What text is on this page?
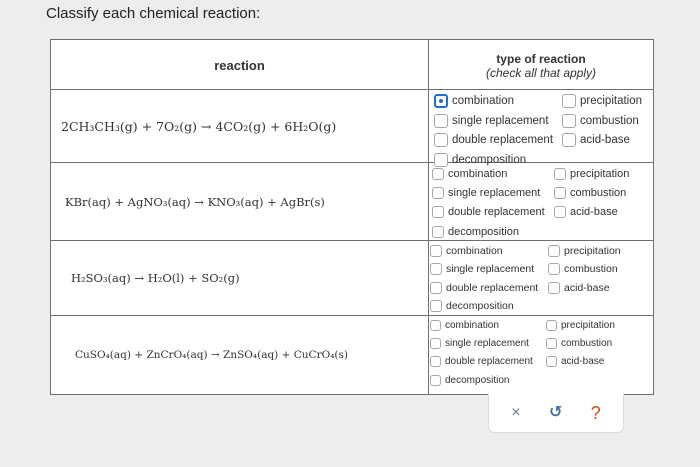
Classify each chemical reaction:
reaction	type of reaction
(check all that apply)
2CH₃CH₃(g) + 7O₂(g) → 4CO₂(g) + 6H₂O(g)
combination
single replacement
double replacement
decomposition
precipitation
combustion
acid-base
KBr(aq) + AgNO₃(aq) → KNO₃(aq) + AgBr(s)
combination
single replacement
double replacement
decomposition
precipitation
combustion
acid-base
H₂SO₃(aq) → H₂O(l) + SO₂(g)
combination
single replacement
double replacement
decomposition
precipitation
combustion
acid-base
CuSO₄(aq) + ZnCrO₄(aq) → ZnSO₄(aq) + CuCrO₄(s)
combination
single replacement
double replacement
decomposition
precipitation
combustion
acid-base
× ↺ ?
